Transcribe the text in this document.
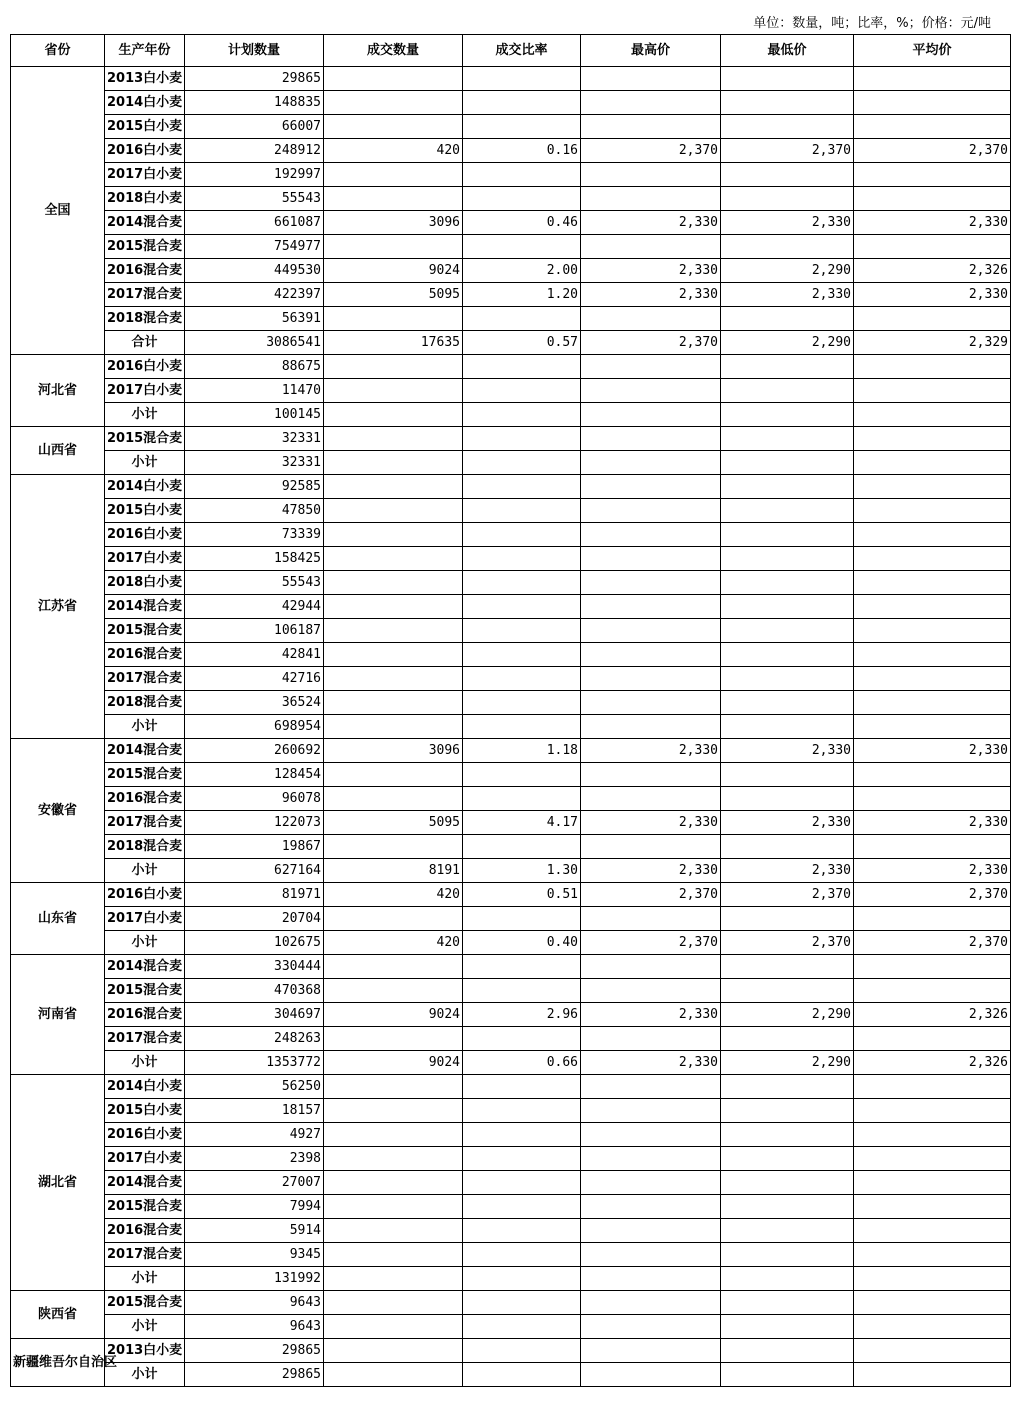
单位：数量，吨；比率，%；价格：元/吨
省份	生产年份	计划数量	成交数量	成交比率	最高价	最低价	平均价
全国	2013白小麦	29865					
	2014白小麦	148835					
	2015白小麦	66007					
	2016白小麦	248912	420	0.16	2,370	2,370	2,370
	2017白小麦	192997					
	2018白小麦	55543					
	2014混合麦	661087	3096	0.46	2,330	2,330	2,330
	2015混合麦	754977					
	2016混合麦	449530	9024	2.00	2,330	2,290	2,326
	2017混合麦	422397	5095	1.20	2,330	2,330	2,330
	2018混合麦	56391					
	合计	3086541	17635	0.57	2,370	2,290	2,329
河北省	2016白小麦	88675					
	2017白小麦	11470					
	小计	100145					
山西省	2015混合麦	32331					
	小计	32331					
江苏省	2014白小麦	92585					
	2015白小麦	47850					
	2016白小麦	73339					
	2017白小麦	158425					
	2018白小麦	55543					
	2014混合麦	42944					
	2015混合麦	106187					
	2016混合麦	42841					
	2017混合麦	42716					
	2018混合麦	36524					
	小计	698954					
安徽省	2014混合麦	260692	3096	1.18	2,330	2,330	2,330
	2015混合麦	128454					
	2016混合麦	96078					
	2017混合麦	122073	5095	4.17	2,330	2,330	2,330
	2018混合麦	19867					
	小计	627164	8191	1.30	2,330	2,330	2,330
山东省	2016白小麦	81971	420	0.51	2,370	2,370	2,370
	2017白小麦	20704					
	小计	102675	420	0.40	2,370	2,370	2,370
河南省	2014混合麦	330444					
	2015混合麦	470368					
	2016混合麦	304697	9024	2.96	2,330	2,290	2,326
	2017混合麦	248263					
	小计	1353772	9024	0.66	2,330	2,290	2,326
湖北省	2014白小麦	56250					
	2015白小麦	18157					
	2016白小麦	4927					
	2017白小麦	2398					
	2014混合麦	27007					
	2015混合麦	7994					
	2016混合麦	5914					
	2017混合麦	9345					
	小计	131992					
陕西省	2015混合麦	9643					
	小计	9643					
新疆维吾尔自治区	2013白小麦	29865					
	小计	29865					
